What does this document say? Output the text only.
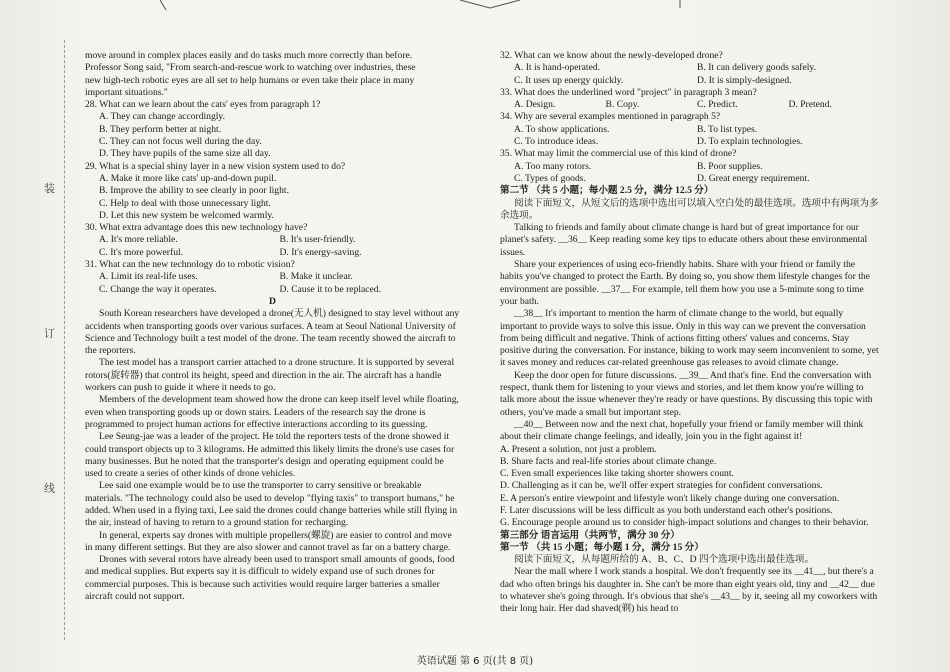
装
订
线

move around in complex places easily and do tasks much more correctly than before.

Professor Song said, "From search-and-rescue work to watching over industries, these

new high-tech robotic eyes are all set to help humans or even take their place in many

important situations."

28. What can we learn about the cats' eyes from paragraph 1?

A. They can change accordingly.

B. They perform better at night.

C. They can not focus well during the day.

D. They have pupils of the same size all day.

29. What is a special shiny layer in a new vision system used to do?

A. Make it more like cats' up-and-down pupil.

B. Improve the ability to see clearly in poor light.

C. Help to deal with those unnecessary light.

D. Let this new system be welcomed warmly.

30. What extra advantage does this new technology have?

A. It's more reliable.	B. It's user-friendly.
C. It's more powerful.	D. It's energy-saving.

31. What can the new technology do to robotic vision?

A. Limit its real-life uses.	B. Make it unclear.
C. Change the way it operates.	D. Cause it to be replaced.

D

South Korean researchers have developed a drone(无人机) designed to stay level without any accidents when transporting goods over various surfaces. A team at Seoul National University of Science and Technology built a test model of the drone. The team recently showed the aircraft to the reporters.

The test model has a transport carrier attached to a drone structure. It is supported by several rotors(旋转器) that control its height, speed and direction in the air. The aircraft has a handle workers can push to guide it where it needs to go.

Members of the development team showed how the drone can keep itself level while floating, even when transporting goods up or down stairs. Leaders of the research say the drone is programmed to project human actions for effective interactions according to its guessing.

Lee Seung-jae was a leader of the project. He told the reporters tests of the drone showed it could transport objects up to 3 kilograms. He admitted this likely limits the drone's use cases for many businesses. But he noted that the transporter's design and operating equipment could be used to create a series of other kinds of drone vehicles.

Lee said one example would be to use the transporter to carry sensitive or breakable materials. "The technology could also be used to develop "flying taxis" to transport humans," he added. When used in a flying taxi, Lee said the drones could change batteries while still flying in the air, instead of having to return to a ground station for recharging.

In general, experts say drones with multiple propellers(螺旋) are easier to control and move in many different settings. But they are also slower and cannot travel as far on a battery charge.

Drones with several rotors have already been used to transport small amounts of goods, food and medical supplies. But experts say it is difficult to widely expand use of such drones for commercial purposes. This is because such activities would require larger batteries a smaller aircraft could not support.

32. What can we know about the newly-developed drone?

A. It is hand-operated.	B. It can delivery goods safely.
C. It uses up energy quickly.	D. It is simply-designed.

33. What does the underlined word "project" in paragraph 3 mean?

A. Design.	B. Copy.	C. Predict.	D. Pretend.

34. Why are several examples mentioned in paragraph 5?

A. To show applications.	B. To list types.
C. To introduce ideas.	D. To explain technologies.

35. What may limit the commercial use of this kind of drone?

A. Too many rotors.	B. Poor supplies.
C. Types of goods.	D. Great energy requirement.

第二节 （共 5 小题；每小题 2.5 分，满分 12.5 分）

阅读下面短文，从短文后的选项中选出可以填入空白处的最佳选项。选项中有两项为多余选项。

Talking to friends and family about climate change is hard but of great importance for our planet's safety. __36__ Keep reading some key tips to educate others about these environmental issues.

Share your experiences of using eco-friendly habits. Share with your friend or family the habits you've changed to protect the Earth. By doing so, you show them lifestyle changes for the environment are possible. __37__ For example, tell them how you use a 5-minute song to time your bath.

__38__ It's important to mention the harm of climate change to the world, but equally important to provide ways to solve this issue. Only in this way can we prevent the conversation from being difficult and negative. Think of actions fitting others' values and concerns. Stay positive during the conversation. For instance, biking to work may seem inconvenient to some, yet it saves money and reduces car-related greenhouse gas releases to avoid climate change.

Keep the door open for future discussions. __39__ And that's fine. End the conversation with respect, thank them for listening to your views and stories, and let them know you're willing to talk more about the issue whenever they're ready or have questions. By discussing this topic with others, you've made a small but important step.

__40__ Between now and the next chat, hopefully your friend or family member will think about their climate change feelings, and ideally, join you in the fight against it!

A. Present a solution, not just a problem.

B. Share facts and real-life stories about climate change.

C. Even small experiences like taking shorter showers count.

D. Challenging as it can be, we'll offer expert strategies for confident conversations.

E. A person's entire viewpoint and lifestyle won't likely change during one conversation.

F. Later discussions will be less difficult as you both understand each other's positions.

G. Encourage people around us to consider high-impact solutions and changes to their behavior.

第三部分 语言运用（共两节，满分 30 分）

第一节 （共 15 小题；每小题 1 分，满分 15 分）

阅读下面短文，从每题所给的 A、B、C、D 四个选项中选出最佳选项。

Near the mall where I work stands a hospital. We don't frequently see its __41__, but there's a dad who often brings his daughter in. She can't be more than eight years old, tiny and __42__ due to whatever she's going through. It's obvious that she's __43__ by it, seeing all my coworkers with their long hair. Her dad shaved(剃) his head to

英语试题 第 6 页(共 8 页)
